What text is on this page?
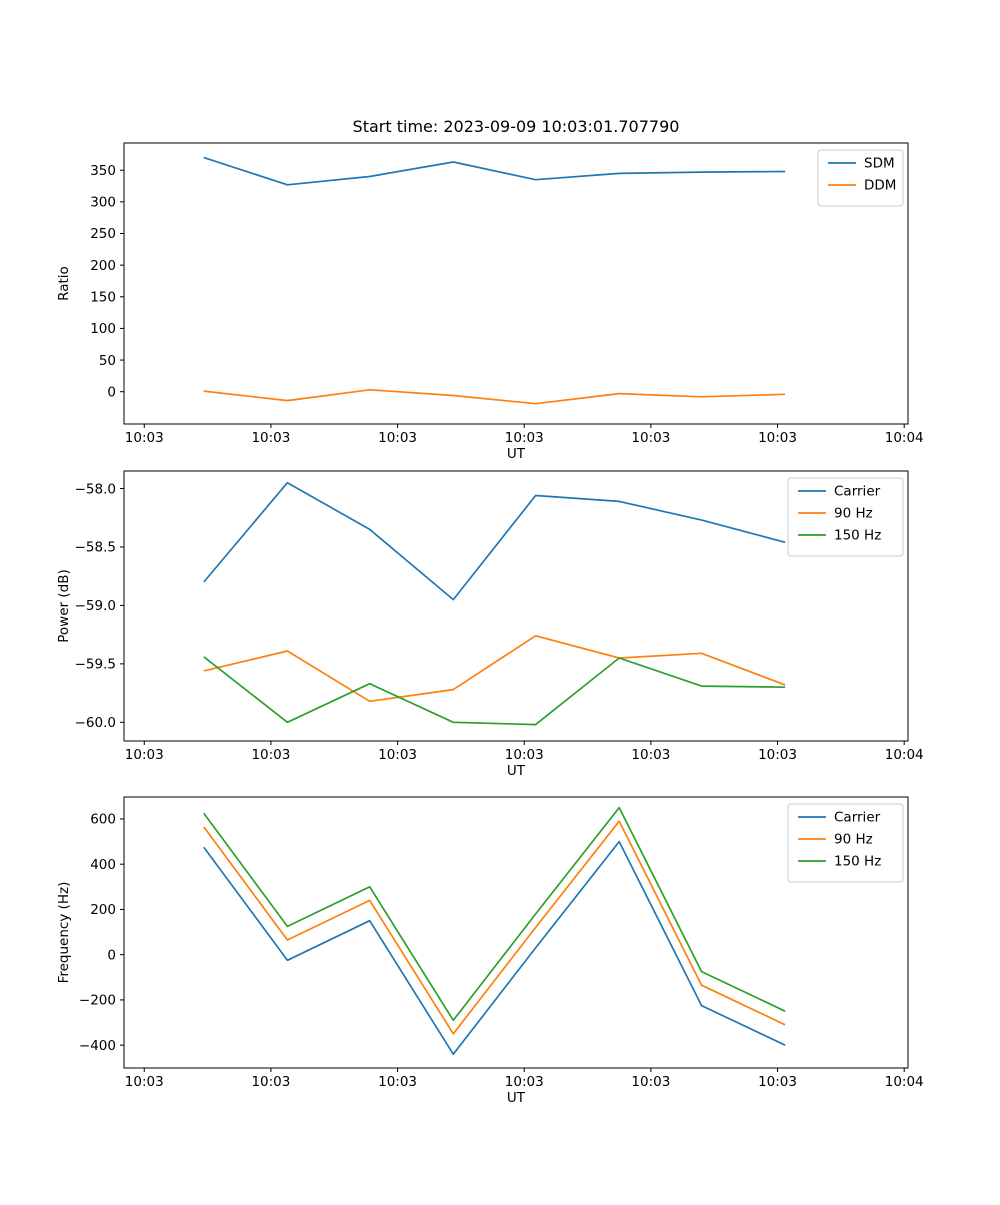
Start time: 2023-09-09 10:03:01.707790
0
50
100
150
200
250
300
350
10:03	10:03	10:03	10:03	10:03	10:03	10:04
UT
Ratio
SDM
DDM
−58.0
−58.5
−59.0
−59.5
−60.0
10:03	10:03	10:03	10:03	10:03	10:03	10:04
UT
Power (dB)
Carrier
90 Hz
150 Hz
−400
−200
0
200
400
600
10:03	10:03	10:03	10:03	10:03	10:03	10:04
UT
Frequency (Hz)
Carrier
90 Hz
150 Hz
